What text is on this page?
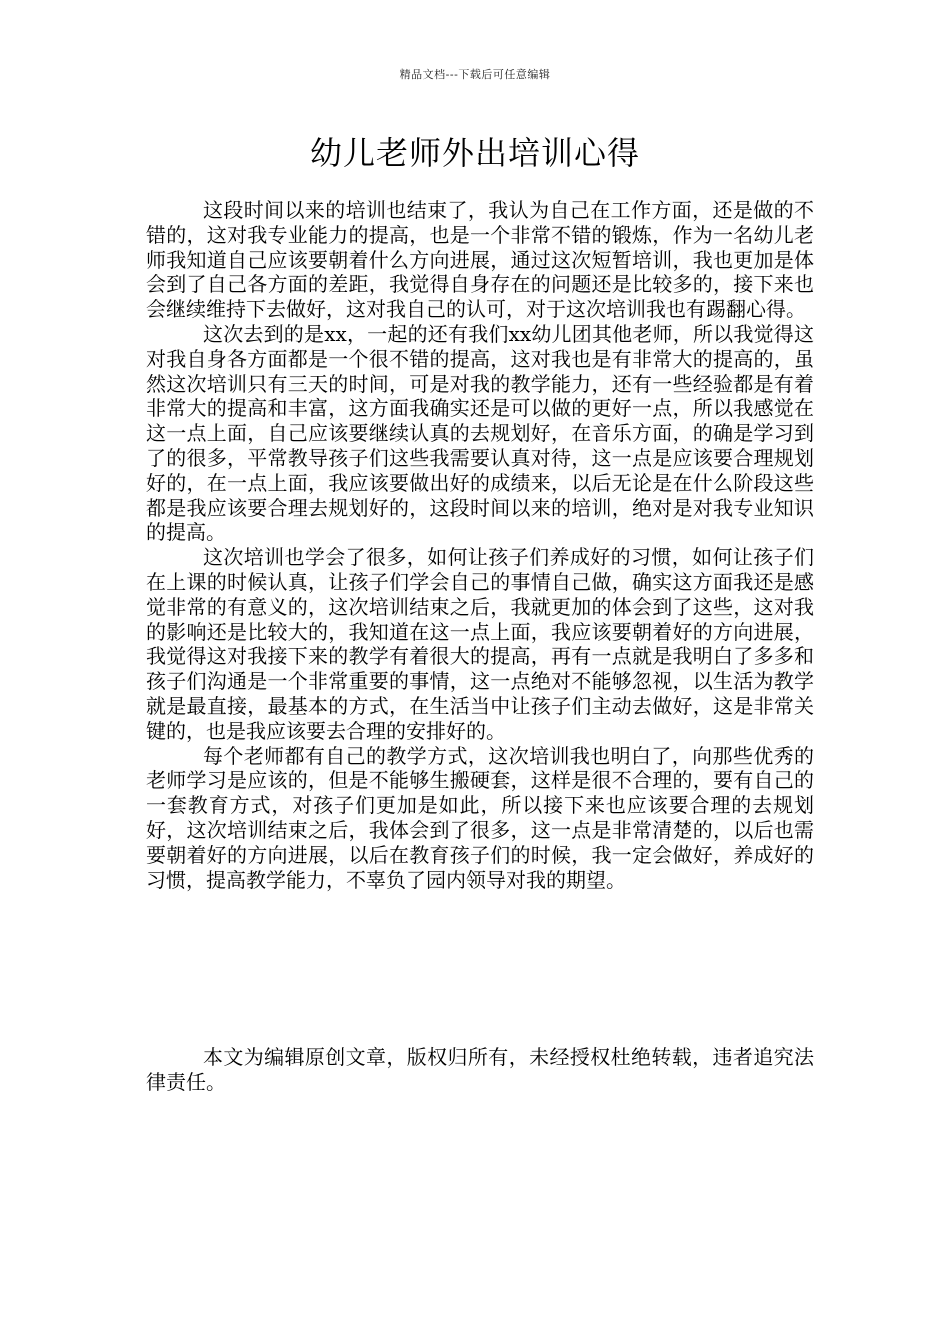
精品文档---下载后可任意编辑
幼儿老师外出培训心得

这段时间以来的培训也结束了，我认为自己在工作方面，还是做的不错的，这对我专业能力的提高，也是一个非常不错的锻炼，作为一名幼儿老师我知道自己应该要朝着什么方向进展，通过这次短暂培训，我也更加是体会到了自己各方面的差距，我觉得自身存在的问题还是比较多的，接下来也会继续维持下去做好，这对我自己的认可，对于这次培训我也有踢翻心得。

这次去到的是xx，一起的还有我们xx幼儿团其他老师，所以我觉得这对我自身各方面都是一个很不错的提高，这对我也是有非常大的提高的，虽然这次培训只有三天的时间，可是对我的教学能力，还有一些经验都是有着非常大的提高和丰富，这方面我确实还是可以做的更好一点，所以我感觉在这一点上面，自己应该要继续认真的去规划好，在音乐方面，的确是学习到了的很多，平常教导孩子们这些我需要认真对待，这一点是应该要合理规划好的，在一点上面，我应该要做出好的成绩来，以后无论是在什么阶段这些都是我应该要合理去规划好的，这段时间以来的培训，绝对是对我专业知识的提高。

这次培训也学会了很多，如何让孩子们养成好的习惯，如何让孩子们在上课的时候认真，让孩子们学会自己的事情自己做，确实这方面我还是感觉非常的有意义的，这次培训结束之后，我就更加的体会到了这些，这对我的影响还是比较大的，我知道在这一点上面，我应该要朝着好的方向进展，我觉得这对我接下来的教学有着很大的提高，再有一点就是我明白了多多和孩子们沟通是一个非常重要的事情，这一点绝对不能够忽视，以生活为教学就是最直接，最基本的方式，在生活当中让孩子们主动去做好，这是非常关键的，也是我应该要去合理的安排好的。

每个老师都有自己的教学方式，这次培训我也明白了，向那些优秀的老师学习是应该的，但是不能够生搬硬套，这样是很不合理的，要有自己的一套教育方式，对孩子们更加是如此，所以接下来也应该要合理的去规划好，这次培训结束之后，我体会到了很多，这一点是非常清楚的，以后也需要朝着好的方向进展，以后在教育孩子们的时候，我一定会做好，养成好的习惯，提高教学能力，不辜负了园内领导对我的期望。

本文为编辑原创文章，版权归所有，未经授权杜绝转载，违者追究法律责任。
